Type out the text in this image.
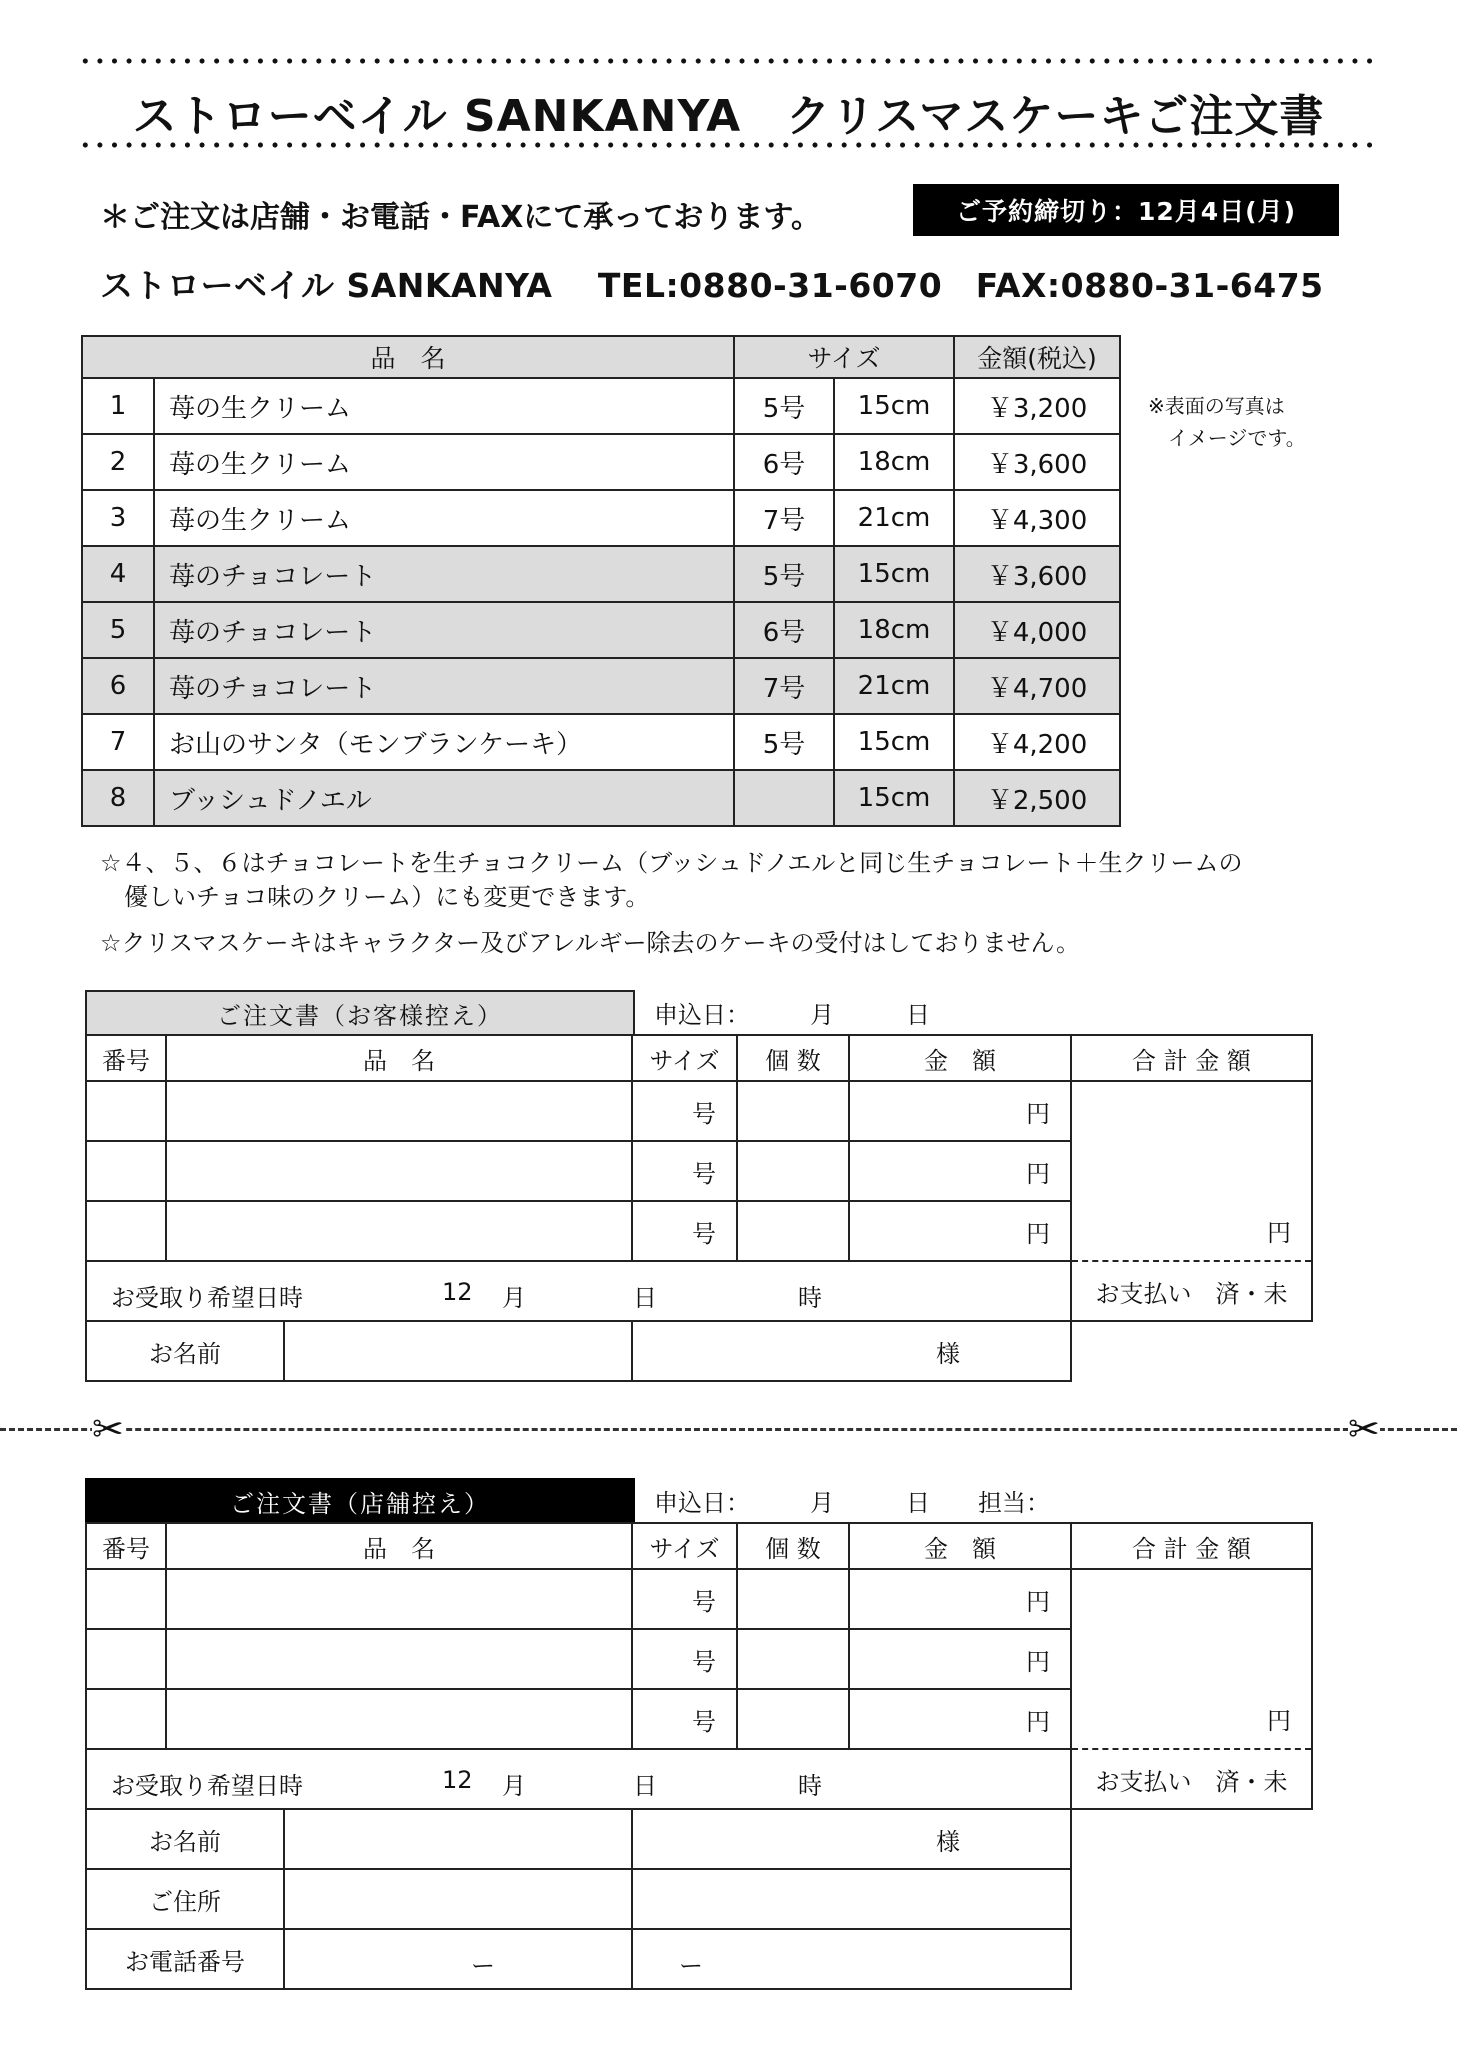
ストローベイル SANKANYA　クリスマスケーキご注文書
＊ご注文は店舗・お電話・FAXにて承っております。	ご予約締切り：12月4日(月)
ストローベイル SANKANYA　 TEL:0880-31-6070　FAX:0880-31-6475
品　名		サイズ		金額(税込)
1	苺の生クリーム	5号	15cm	￥3,200
2	苺の生クリーム	6号	18cm	￥3,600
3	苺の生クリーム	7号	21cm	￥4,300
4	苺のチョコレート	5号	15cm	￥3,600
5	苺のチョコレート	6号	18cm	￥4,000
6	苺のチョコレート	7号	21cm	￥4,700
7	お山のサンタ（モンブランケーキ）	5号	15cm	￥4,200
8	ブッシュドノエル		15cm	￥2,500
※表面の写真は
　イメージです。
☆４、５、６はチョコレートを生チョコクリーム（ブッシュドノエルと同じ生チョコレート＋生クリームの
　優しいチョコ味のクリーム）にも変更できます。
☆クリスマスケーキはキャラクター及びアレルギー除去のケーキの受付はしておりません。
ご注文書（お客様控え）	申込日：　　　月　　　日
番号	品　名	サイズ	個 数	金　額	合 計 金 額
		号		円	円
		号		円	
		号		円	

お受取り希望日時 12 月 日 時					お支払い　済・未

お名前		様			
✂	✂
ご注文書（店舗控え）	申込日：　　　月　　　日　　担当：
番号	品　名	サイズ	個 数	金　額	合 計 金 額
		号		円	円
		号		円	
		号		円	

お受取り希望日時 12 月 日 時					お支払い　済・未

お名前		様			

ご住所					

お電話番号 ー		ー			
